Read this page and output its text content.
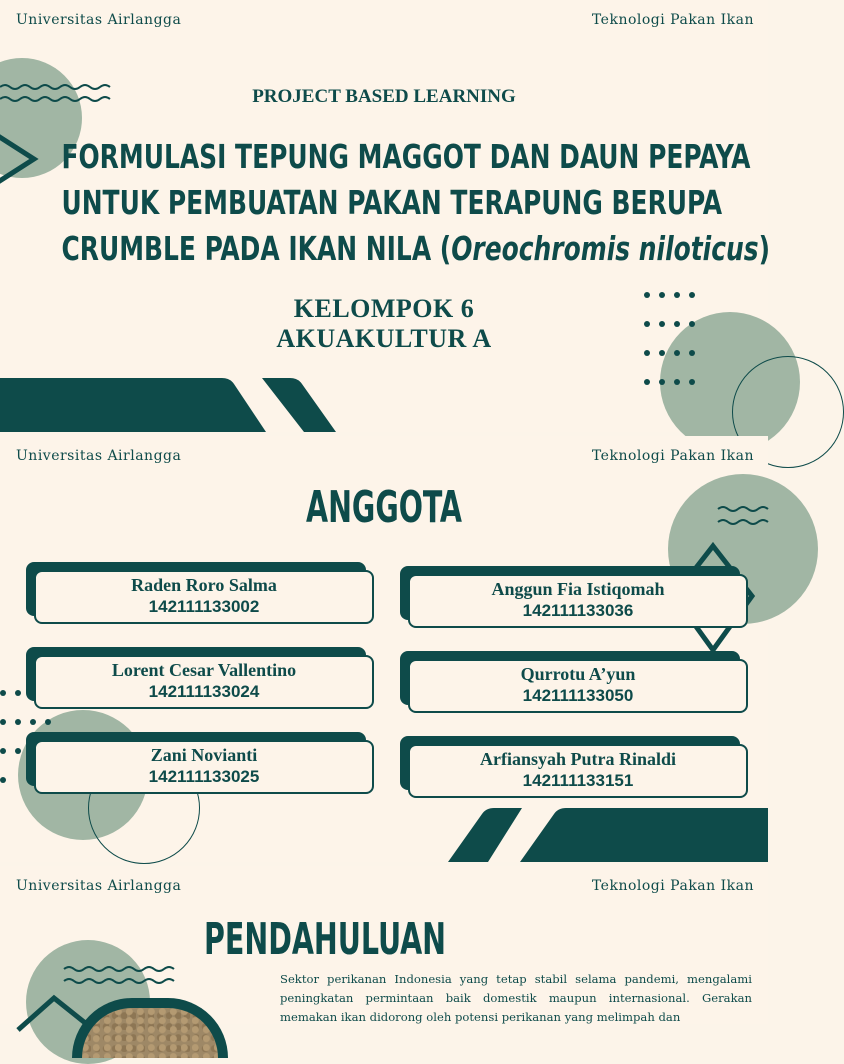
Universitas Airlangga	Teknologi Pakan Ikan
PROJECT BASED LEARNING
FORMULASI TEPUNG MAGGOT DAN DAUN PEPAYA
UNTUK PEMBUATAN PAKAN TERAPUNG BERUPA
CRUMBLE PADA IKAN NILA (Oreochromis niloticus)
KELOMPOK 6
AKUAKULTUR A
Universitas Airlangga	Teknologi Pakan Ikan
ANGGOTA
Raden Roro Salma
142111133002
Anggun Fia Istiqomah
142111133036
Lorent Cesar Vallentino
142111133024
Qurrotu A’yun
142111133050
Zani Novianti
142111133025
Arfiansyah Putra Rinaldi
142111133151
Universitas Airlangga	Teknologi Pakan Ikan
PENDAHULUAN
Sektor perikanan Indonesia yang tetap stabil selama pandemi, mengalami peningkatan permintaan baik domestik maupun internasional. Gerakan memakan ikan didorong oleh potensi perikanan yang melimpah dan
